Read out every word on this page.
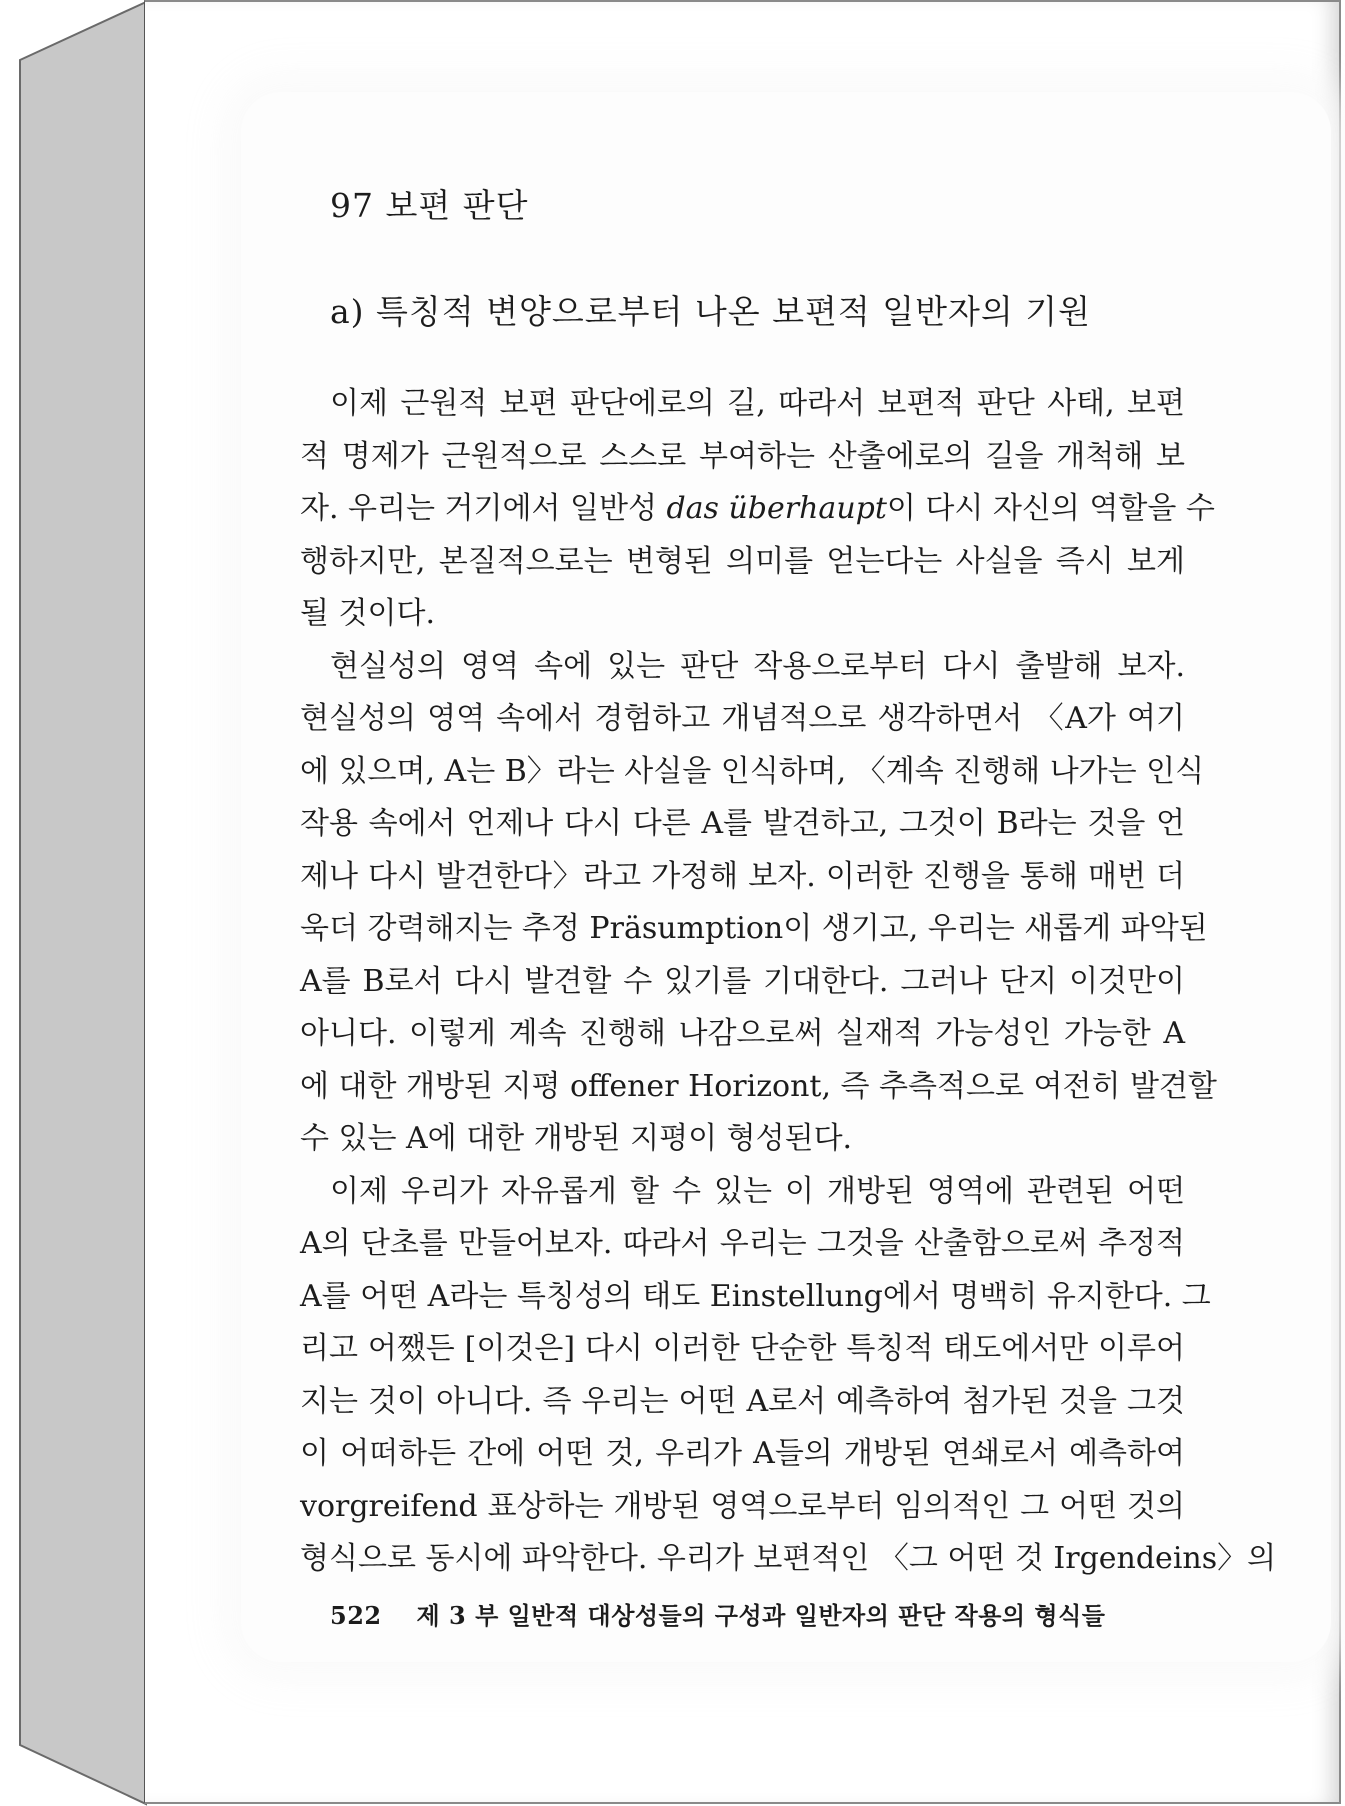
97 보편 판단
a) 특칭적 변양으로부터 나온 보편적 일반자의 기원
이제 근원적 보편 판단에로의 길, 따라서 보편적 판단 사태, 보편
적 명제가 근원적으로 스스로 부여하는 산출에로의 길을 개척해 보
자. 우리는 거기에서 일반성 das überhaupt이 다시 자신의 역할을 수
행하지만, 본질적으로는 변형된 의미를 얻는다는 사실을 즉시 보게
될 것이다.
현실성의 영역 속에 있는 판단 작용으로부터 다시 출발해 보자.
현실성의 영역 속에서 경험하고 개념적으로 생각하면서 〈A가 여기
에 있으며, A는 B〉라는 사실을 인식하며, 〈계속 진행해 나가는 인식
작용 속에서 언제나 다시 다른 A를 발견하고, 그것이 B라는 것을 언
제나 다시 발견한다〉라고 가정해 보자. 이러한 진행을 통해 매번 더
욱더 강력해지는 추정 Präsumption이 생기고, 우리는 새롭게 파악된
A를 B로서 다시 발견할 수 있기를 기대한다. 그러나 단지 이것만이
아니다. 이렇게 계속 진행해 나감으로써 실재적 가능성인 가능한 A
에 대한 개방된 지평 offener Horizont, 즉 추측적으로 여전히 발견할
수 있는 A에 대한 개방된 지평이 형성된다.
이제 우리가 자유롭게 할 수 있는 이 개방된 영역에 관련된 어떤
A의 단초를 만들어보자. 따라서 우리는 그것을 산출함으로써 추정적
A를 어떤 A라는 특칭성의 태도 Einstellung에서 명백히 유지한다. 그
리고 어쨌든 [이것은] 다시 이러한 단순한 특칭적 태도에서만 이루어
지는 것이 아니다. 즉 우리는 어떤 A로서 예측하여 첨가된 것을 그것
이 어떠하든 간에 어떤 것, 우리가 A들의 개방된 연쇄로서 예측하여
vorgreifend 표상하는 개방된 영역으로부터 임의적인 그 어떤 것의
형식으로 동시에 파악한다. 우리가 보편적인 〈그 어떤 것 Irgendeins〉의
522 제 3 부 일반적 대상성들의 구성과 일반자의 판단 작용의 형식들
